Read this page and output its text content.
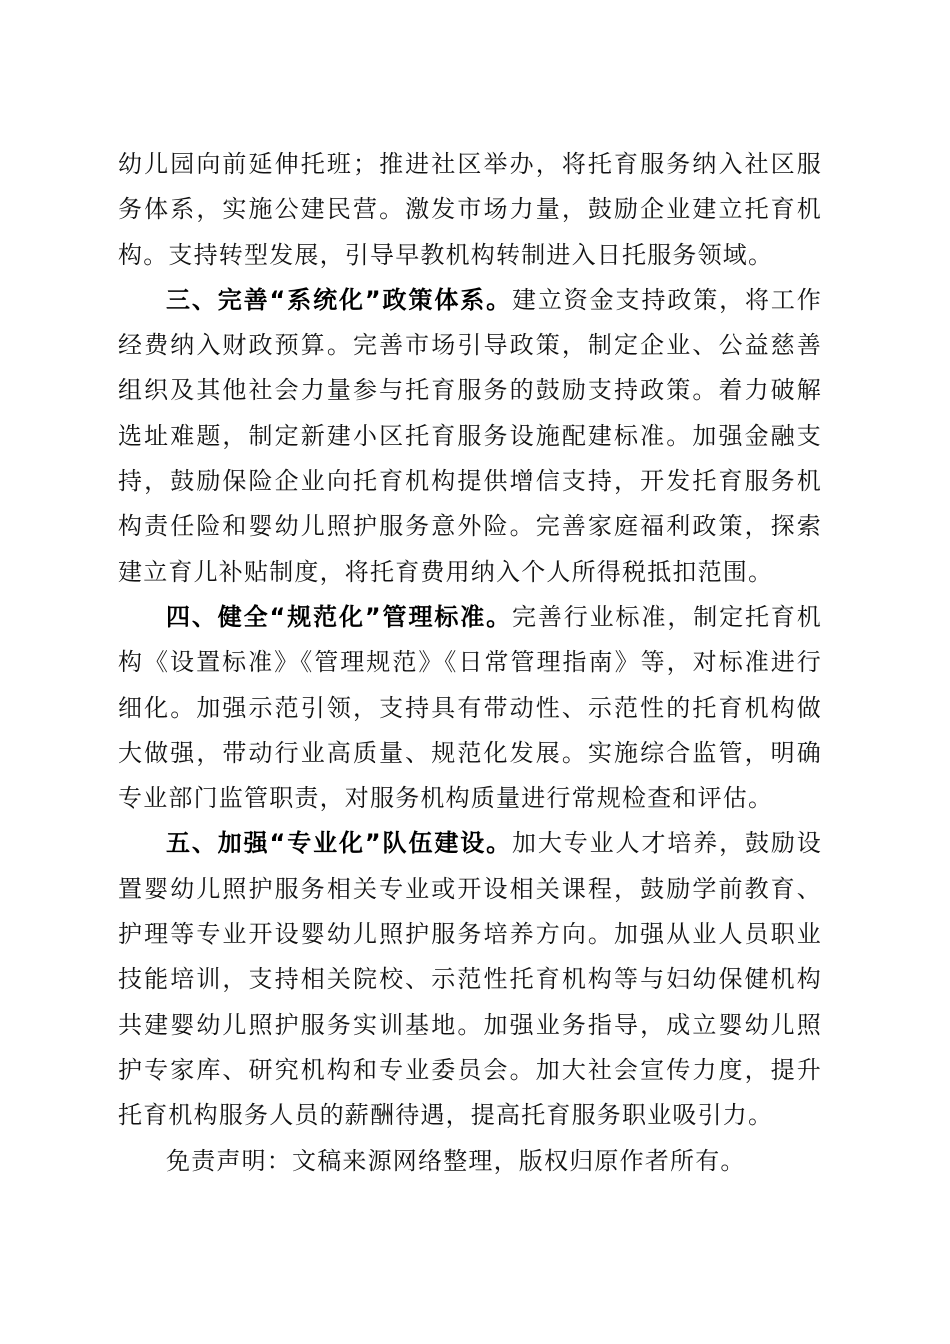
幼儿园向前延伸托班；推进社区举办，将托育服务纳入社区服务体系，实施公建民营。激发市场力量，鼓励企业建立托育机构。支持转型发展，引导早教机构转制进入日托服务领域。

三、完善“系统化”政策体系。建立资金支持政策，将工作经费纳入财政预算。完善市场引导政策，制定企业、公益慈善组织及其他社会力量参与托育服务的鼓励支持政策。着力破解选址难题，制定新建小区托育服务设施配建标准。加强金融支持，鼓励保险企业向托育机构提供增信支持，开发托育服务机构责任险和婴幼儿照护服务意外险。完善家庭福利政策，探索建立育儿补贴制度，将托育费用纳入个人所得税抵扣范围。

四、健全“规范化”管理标准。完善行业标准，制定托育机构《设置标准》《管理规范》《日常管理指南》等，对标准进行细化。加强示范引领，支持具有带动性、示范性的托育机构做大做强，带动行业高质量、规范化发展。实施综合监管，明确专业部门监管职责，对服务机构质量进行常规检查和评估。

五、加强“专业化”队伍建设。加大专业人才培养，鼓励设置婴幼儿照护服务相关专业或开设相关课程，鼓励学前教育、护理等专业开设婴幼儿照护服务培养方向。加强从业人员职业技能培训，支持相关院校、示范性托育机构等与妇幼保健机构共建婴幼儿照护服务实训基地。加强业务指导，成立婴幼儿照护专家库、研究机构和专业委员会。加大社会宣传力度，提升托育机构服务人员的薪酬待遇，提高托育服务职业吸引力。

免责声明：文稿来源网络整理，版权归原作者所有。
